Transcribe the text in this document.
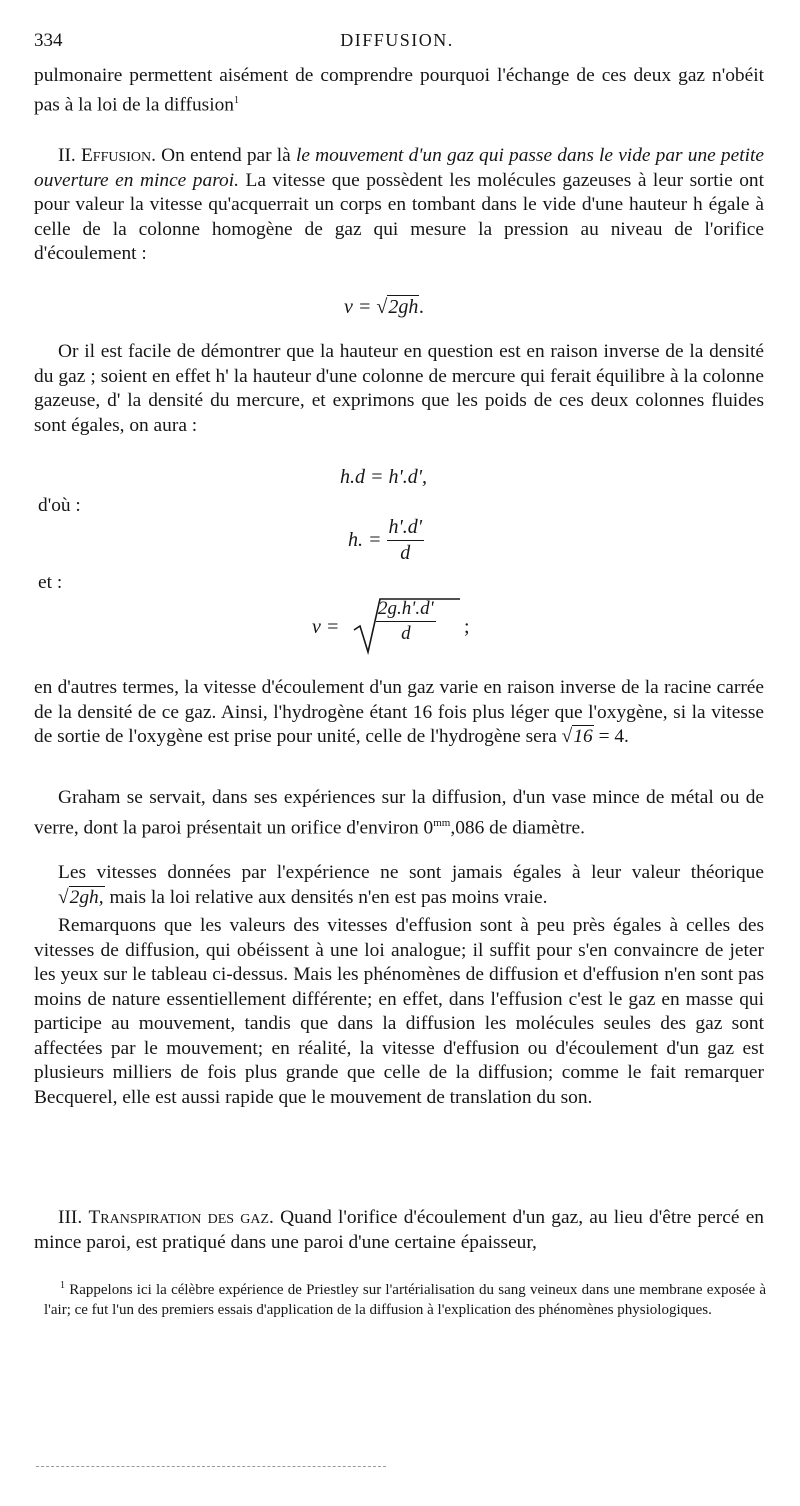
334	DIFFUSION.

pulmonaire permettent aisément de comprendre pourquoi l'échange de ces deux gaz n'obéit pas à la loi de la diffusion$^1$

II. Effusion. On entend par là le mouvement d'un gaz qui passe dans le vide par une petite ouverture en mince paroi. La vitesse que possèdent les molécules gazeuses à leur sortie ont pour valeur la vitesse qu'acquerrait un corps en tombant dans le vide d'une hauteur h égale à celle de la colonne homogène de gaz qui mesure la pression au niveau de l'orifice d'écoulement :

v = √2gh.

Or il est facile de démontrer que la hauteur en question est en raison inverse de la densité du gaz ; soient en effet h' la hauteur d'une colonne de mercure qui ferait équilibre à la colonne gazeuse, d' la densité du mercure, et exprimons que les poids de ces deux colonnes fluides sont égales, on aura :

h.d = h'.d',
d'où :
h. = $\frac{h'.d'}{d}$
et :
v =
2g.h'.d'
d	;

en d'autres termes, la vitesse d'écoulement d'un gaz varie en raison inverse de la racine carrée de la densité de ce gaz. Ainsi, l'hydrogène étant 16 fois plus léger que l'oxygène, si la vitesse de sortie de l'oxygène est prise pour unité, celle de l'hydrogène sera √16 = 4.

Graham se servait, dans ses expériences sur la diffusion, d'un vase mince de métal ou de verre, dont la paroi présentait un orifice d'environ $0^{mm},086$ de diamètre.

Les vitesses données par l'expérience ne sont jamais égales à leur valeur théorique √2gh, mais la loi relative aux densités n'en est pas moins vraie.

Remarquons que les valeurs des vitesses d'effusion sont à peu près égales à celles des vitesses de diffusion, qui obéissent à une loi analogue; il suffit pour s'en convaincre de jeter les yeux sur le tableau ci-dessus. Mais les phénomènes de diffusion et d'effusion n'en sont pas moins de nature essentiellement différente; en effet, dans l'effusion c'est le gaz en masse qui participe au mouvement, tandis que dans la diffusion les molécules seules des gaz sont affectées par le mouvement; en réalité, la vitesse d'effusion ou d'écoulement d'un gaz est plusieurs milliers de fois plus grande que celle de la diffusion; comme le fait remarquer Becquerel, elle est aussi rapide que le mouvement de translation du son.

III. Transpiration des gaz. Quand l'orifice d'écoulement d'un gaz, au lieu d'être percé en mince paroi, est pratiqué dans une paroi d'une certaine épaisseur,

$^1$ Rappelons ici la célèbre expérience de Priestley sur l'artérialisation du sang veineux dans une membrane exposée à l'air; ce fut l'un des premiers essais d'application de la diffusion à l'explication des phénomènes physiologiques.
